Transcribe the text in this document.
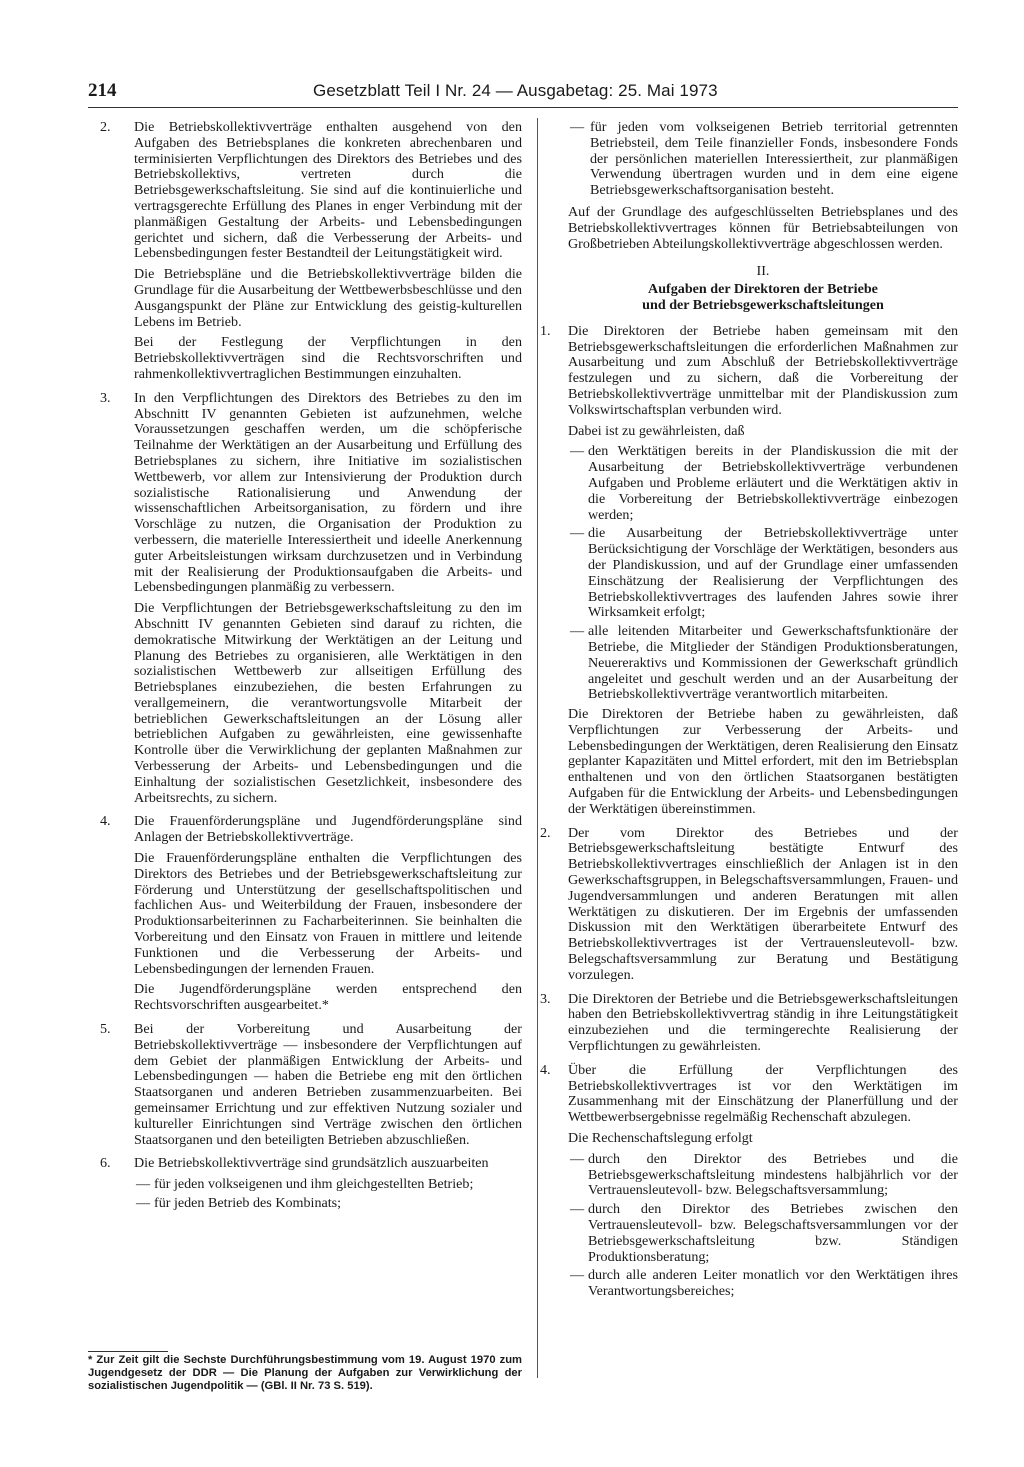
214	Gesetzblatt Teil I Nr. 24 — Ausgabetag: 25. Mai 1973
2. Die Betriebskollektivverträge enthalten ausgehend von den Aufgaben des Betriebsplanes die konkreten abrechenbaren und terminisierten Verpflichtungen des Direktors des Betriebes und des Betriebskollektivs, vertreten durch die Betriebsgewerkschaftsleitung. Sie sind auf die kontinuierliche und vertragsgerechte Erfüllung des Planes in enger Verbindung mit der planmäßigen Gestaltung der Arbeits- und Lebensbedingungen gerichtet und sichern, daß die Verbesserung der Arbeits- und Lebensbedingungen fester Bestandteil der Leitungstätigkeit wird.

Die Betriebspläne und die Betriebskollektivverträge bilden die Grundlage für die Ausarbeitung der Wettbewerbsbeschlüsse und den Ausgangspunkt der Pläne zur Entwicklung des geistig-kulturellen Lebens im Betrieb.

Bei der Festlegung der Verpflichtungen in den Betriebskollektivverträgen sind die Rechtsvorschriften und rahmenkollektivvertraglichen Bestimmungen einzuhalten.

3. In den Verpflichtungen des Direktors des Betriebes zu den im Abschnitt IV genannten Gebieten ist aufzunehmen, welche Voraussetzungen geschaffen werden, um die schöpferische Teilnahme der Werktätigen an der Ausarbeitung und Erfüllung des Betriebsplanes zu sichern, ihre Initiative im sozialistischen Wettbewerb, vor allem zur Intensivierung der Produktion durch sozialistische Rationalisierung und Anwendung der wissenschaftlichen Arbeitsorganisation, zu fördern und ihre Vorschläge zu nutzen, die Organisation der Produktion zu verbessern, die materielle Interessiertheit und ideelle Anerkennung guter Arbeitsleistungen wirksam durchzusetzen und in Verbindung mit der Realisierung der Produktionsaufgaben die Arbeits- und Lebensbedingungen planmäßig zu verbessern.

Die Verpflichtungen der Betriebsgewerkschaftsleitung zu den im Abschnitt IV genannten Gebieten sind darauf zu richten, die demokratische Mitwirkung der Werktätigen an der Leitung und Planung des Betriebes zu organisieren, alle Werktätigen in den sozialistischen Wettbewerb zur allseitigen Erfüllung des Betriebsplanes einzubeziehen, die besten Erfahrungen zu verallgemeinern, die verantwortungsvolle Mitarbeit der betrieblichen Gewerkschaftsleitungen an der Lösung aller betrieblichen Aufgaben zu gewährleisten, eine gewissenhafte Kontrolle über die Verwirklichung der geplanten Maßnahmen zur Verbesserung der Arbeits- und Lebensbedingungen und die Einhaltung der sozialistischen Gesetzlichkeit, insbesondere des Arbeitsrechts, zu sichern.

4. Die Frauenförderungspläne und Jugendförderungspläne sind Anlagen der Betriebskollektivverträge.

Die Frauenförderungspläne enthalten die Verpflichtungen des Direktors des Betriebes und der Betriebsgewerkschaftsleitung zur Förderung und Unterstützung der gesellschaftspolitischen und fachlichen Aus- und Weiterbildung der Frauen, insbesondere der Produktionsarbeiterinnen zu Facharbeiterinnen. Sie beinhalten die Vorbereitung und den Einsatz von Frauen in mittlere und leitende Funktionen und die Verbesserung der Arbeits- und Lebensbedingungen der lernenden Frauen.

Die Jugendförderungspläne werden entsprechend den Rechtsvorschriften ausgearbeitet.*

5. Bei der Vorbereitung und Ausarbeitung der Betriebskollektivverträge — insbesondere der Verpflichtungen auf dem Gebiet der planmäßigen Entwicklung der Arbeits- und Lebensbedingungen — haben die Betriebe eng mit den örtlichen Staatsorganen und anderen Betrieben zusammenzuarbeiten. Bei gemeinsamer Errichtung und zur effektiven Nutzung sozialer und kultureller Einrichtungen sind Verträge zwischen den örtlichen Staatsorganen und den beteiligten Betrieben abzuschließen.

6. Die Betriebskollektivverträge sind grundsätzlich auszuarbeiten

— für jeden volkseigenen und ihm gleichgestellten Betrieb;
— für jeden Betrieb des Kombinats;
* Zur Zeit gilt die Sechste Durchführungsbestimmung vom 19. August 1970 zum Jugendgesetz der DDR — Die Planung der Aufgaben zur Verwirklichung der sozialistischen Jugendpolitik — (GBl. II Nr. 73 S. 519).
— für jeden vom volkseigenen Betrieb territorial getrennten Betriebsteil, dem Teile finanzieller Fonds, insbesondere Fonds der persönlichen materiellen Interessiertheit, zur planmäßigen Verwendung übertragen wurden und in dem eine eigene Betriebsgewerkschaftsorganisation besteht.

Auf der Grundlage des aufgeschlüsselten Betriebsplanes und des Betriebskollektivvertrages können für Betriebsabteilungen von Großbetrieben Abteilungskollektivverträge abgeschlossen werden.

II.
Aufgaben der Direktoren der Betriebe
und der Betriebsgewerkschaftsleitungen
1. Die Direktoren der Betriebe haben gemeinsam mit den Betriebsgewerkschaftsleitungen die erforderlichen Maßnahmen zur Ausarbeitung und zum Abschluß der Betriebskollektivverträge festzulegen und zu sichern, daß die Vorbereitung der Betriebskollektivverträge unmittelbar mit der Plandiskussion zum Volkswirtschaftsplan verbunden wird.

Dabei ist zu gewährleisten, daß

— den Werktätigen bereits in der Plandiskussion die mit der Ausarbeitung der Betriebskollektivverträge verbundenen Aufgaben und Probleme erläutert und die Werktätigen aktiv in die Vorbereitung der Betriebskollektivverträge einbezogen werden;
— die Ausarbeitung der Betriebskollektivverträge unter Berücksichtigung der Vorschläge der Werktätigen, besonders aus der Plandiskussion, und auf der Grundlage einer umfassenden Einschätzung der Realisierung der Verpflichtungen des Betriebskollektivvertrages des laufenden Jahres sowie ihrer Wirksamkeit erfolgt;
— alle leitenden Mitarbeiter und Gewerkschaftsfunktionäre der Betriebe, die Mitglieder der Ständigen Produktionsberatungen, Neuereraktivs und Kommissionen der Gewerkschaft gründlich angeleitet und geschult werden und an der Ausarbeitung der Betriebskollektivverträge verantwortlich mitarbeiten.

Die Direktoren der Betriebe haben zu gewährleisten, daß Verpflichtungen zur Verbesserung der Arbeits- und Lebensbedingungen der Werktätigen, deren Realisierung den Einsatz geplanter Kapazitäten und Mittel erfordert, mit den im Betriebsplan enthaltenen und von den örtlichen Staatsorganen bestätigten Aufgaben für die Entwicklung der Arbeits- und Lebensbedingungen der Werktätigen übereinstimmen.

2. Der vom Direktor des Betriebes und der Betriebsgewerkschaftsleitung bestätigte Entwurf des Betriebskollektivvertrages einschließlich der Anlagen ist in den Gewerkschaftsgruppen, in Belegschaftsversammlungen, Frauen- und Jugendversammlungen und anderen Beratungen mit allen Werktätigen zu diskutieren. Der im Ergebnis der umfassenden Diskussion mit den Werktätigen überarbeitete Entwurf des Betriebskollektivvertrages ist der Vertrauensleutevoll- bzw. Belegschaftsversammlung zur Beratung und Bestätigung vorzulegen.

3. Die Direktoren der Betriebe und die Betriebsgewerkschaftsleitungen haben den Betriebskollektivvertrag ständig in ihre Leitungstätigkeit einzubeziehen und die termingerechte Realisierung der Verpflichtungen zu gewährleisten.

4. Über die Erfüllung der Verpflichtungen des Betriebskollektivvertrages ist vor den Werktätigen im Zusammenhang mit der Einschätzung der Planerfüllung und der Wettbewerbsergebnisse regelmäßig Rechenschaft abzulegen.

Die Rechenschaftslegung erfolgt

— durch den Direktor des Betriebes und die Betriebsgewerkschaftsleitung mindestens halbjährlich vor der Vertrauensleutevoll- bzw. Belegschaftsversammlung;
— durch den Direktor des Betriebes zwischen den Vertrauensleutevoll- bzw. Belegschaftsversammlungen vor der Betriebsgewerkschaftsleitung bzw. Ständigen Produktionsberatung;
— durch alle anderen Leiter monatlich vor den Werktätigen ihres Verantwortungsbereiches;
